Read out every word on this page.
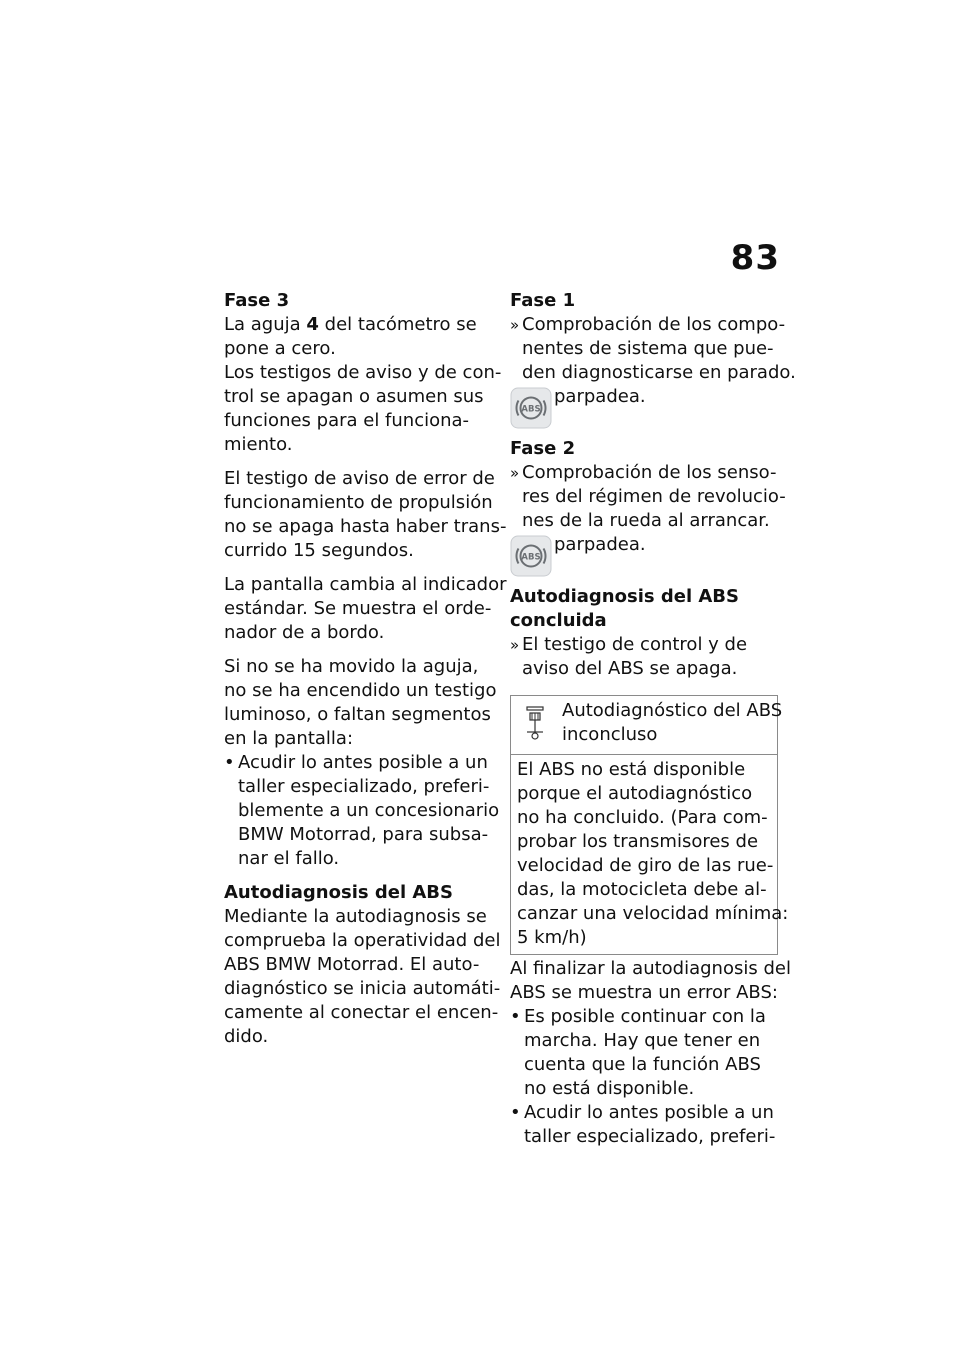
83
Fase 3
La aguja 4 del tacómetro se
pone a cero.
Los testigos de aviso y de con-
trol se apagan o asumen sus
funciones para el funciona-
miento.
El testigo de aviso de error de
funcionamiento de propulsión
no se apaga hasta haber trans-
currido 15 segundos.
La pantalla cambia al indicador
estándar. Se muestra el orde-
nador de a bordo.
Si no se ha movido la aguja,
no se ha encendido un testigo
luminoso, o faltan segmentos
en la pantalla:
• Acudir lo antes posible a un
taller especializado, preferi-
blemente a un concesionario
BMW Motorrad, para subsa-
nar el fallo.
Autodiagnosis del ABS
Mediante la autodiagnosis se
comprueba la operatividad del
ABS BMW Motorrad. El auto-
diagnóstico se inicia automáti-
camente al conectar el encen-
dido.
Fase 1
» Comprobación de los compo-
nentes de sistema que pue-
den diagnosticarse en parado.
ABS
parpadea.
Fase 2
» Comprobación de los senso-
res del régimen de revolucio-
nes de la rueda al arrancar.
ABS
parpadea.
Autodiagnosis del ABS
concluida
» El testigo de control y de
aviso del ABS se apaga.
Autodiagnóstico del ABS
inconcluso
El ABS no está disponible
porque el autodiagnóstico
no ha concluido. (Para com-
probar los transmisores de
velocidad de giro de las rue-
das, la motocicleta debe al-
canzar una velocidad mínima:
5 km/h)
Al finalizar la autodiagnosis del
ABS se muestra un error ABS:
• Es posible continuar con la
marcha. Hay que tener en
cuenta que la función ABS
no está disponible.
• Acudir lo antes posible a un
taller especializado, preferi-
